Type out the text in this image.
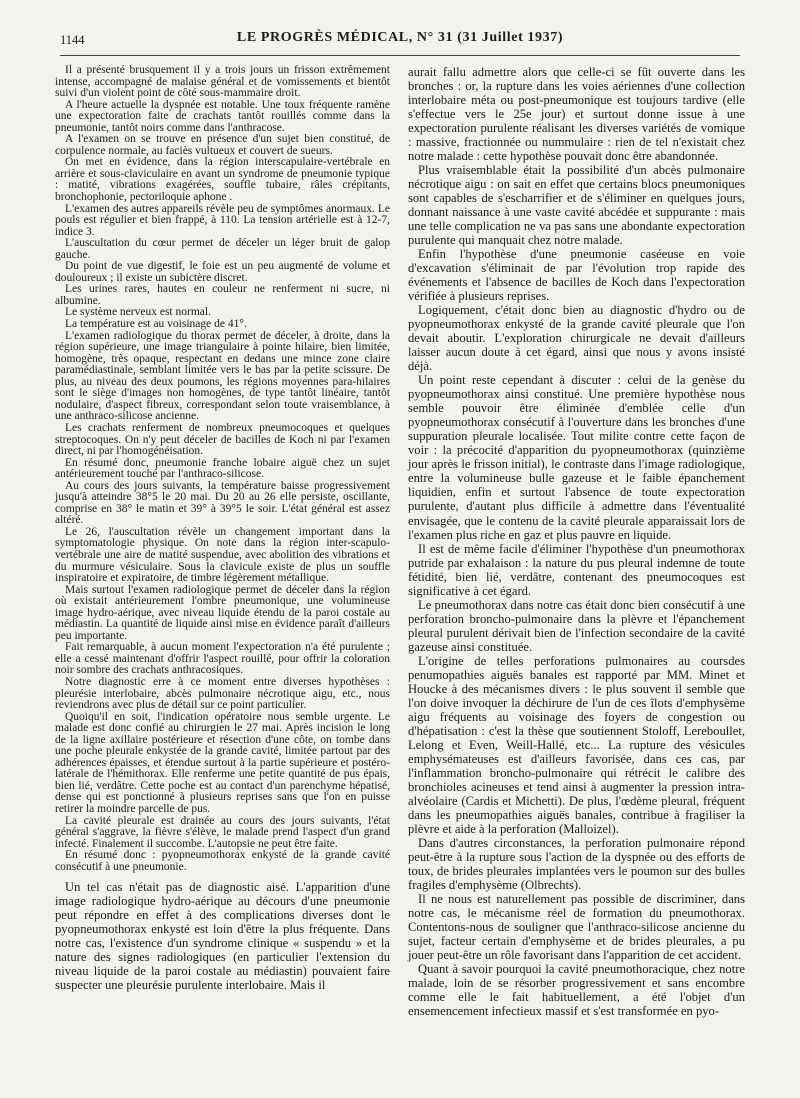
1144	LE PROGRÈS MÉDICAL, N° 31 (31 Juillet 1937)

Il a présenté brusquement il y a trois jours un frisson extrêmement intense, accompagné de malaise général et de vomissements et bientôt suivi d'un violent point de côté sous-mammaire droit.

A l'heure actuelle la dyspnée est notable. Une toux fréquente ramène une expectoration faite de crachats tantôt rouillés comme dans la pneumonie, tantôt noirs comme dans l'anthracose.

A l'examen on se trouve en présence d'un sujet bien constitué, de corpulence normale, au faciès vultueux et couvert de sueurs.

On met en évidence, dans la région interscapulaire-vertébrale en arrière et sous-claviculaire en avant un syndrome de pneumonie typique : matité, vibrations exagérées, souffle tubaire, râles crépitants, bronchophonie, pectoriloquie aphone .

L'examen des autres appareils révèle peu de symptômes anormaux. Le pouls est régulier et bien frappé, à 110. La tension artérielle est à 12-7, indice 3.

L'auscultation du cœur permet de déceler un léger bruit de galop gauche.

Du point de vue digestif, le foie est un peu augmenté de volume et douloureux ; il existe un subictère discret.

Les urines rares, hautes en couleur ne renferment ni sucre, ni albumine.

Le système nerveux est normal.

La température est au voisinage de 41°.

L'examen radiologique du thorax permet de déceler, à droite, dans la région supérieure, une image triangulaire à pointe hilaire, bien limitée, homogène, très opaque, respectant en dedans une mince zone claire paramédiastinale, semblant limitée vers le bas par la petite scissure. De plus, au niveau des deux poumons, les régions moyennes para-hilaires sont le siège d'images non homogènes, de type tantôt linéaire, tantôt nodulaire, d'aspect fibreux, correspondant selon toute vraisemblance, à une anthraco-silicose ancienne.

Les crachats renferment de nombreux pneumocoques et quelques streptocoques. On n'y peut déceler de bacilles de Koch ni par l'examen direct, ni par l'homogénéisation.

En résumé donc, pneumonie franche lobaire aiguë chez un sujet antérieurement touché par l'anthraco-silicose.

Au cours des jours suivants, la température baisse progressivement jusqu'à atteindre 38°5 le 20 mai. Du 20 au 26 elle persiste, oscillante, comprise en 38° le matin et 39° à 39°5 le soir. L'état général est assez altéré.

Le 26, l'auscultation révèle un changement important dans la symptomatologie physique. On note dans la région inter-scapulo-vertébrale une aire de matité suspendue, avec abolition des vibrations et du murmure vésiculaire. Sous la clavicule existe de plus un souffle inspiratoire et expiratoire, de timbre légèrement métallique.

Mais surtout l'examen radiologique permet de déceler dans la région où existait antérieurement l'ombre pneumonique, une volumineuse image hydro-aérique, avec niveau liquide étendu de la paroi costale au médiastin. La quantité de liquide ainsi mise en évidence paraît d'ailleurs peu importante.

Fait remarquable, à aucun moment l'expectoration n'a été purulente ; elle a cessé maintenant d'offrir l'aspect rouillé, pour offrir la coloration noir sombre des crachats anthracosiques.

Notre diagnostic erre à ce moment entre diverses hypothèses : pleurésie interlobaire, abcès pulmonaire nécrotique aigu, etc., nous reviendrons avec plus de détail sur ce point particulier.

Quoiqu'il en soit, l'indication opératoire nous semble urgente. Le malade est donc confié au chirurgien le 27 mai. Après incision le long de la ligne axillaire postérieure et résection d'une côte, on tombe dans une poche pleurale enkystée de la grande cavité, limitée partout par des adhérences épaisses, et étendue surtout à la partie supérieure et postéro-latérale de l'hémithorax. Elle renferme une petite quantité de pus épais, bien lié, verdâtre. Cette poche est au contact d'un parenchyme hépatisé, dense qui est ponctionné à plusieurs reprises sans que l'on en puisse retirer la moindre parcelle de pus.

La cavité pleurale est drainée au cours des jours suivants, l'état général s'aggrave, la fièvre s'élève, le malade prend l'aspect d'un grand infecté. Finalement il succombe. L'autopsie ne peut être faite.

En résumé donc : pyopneumothorax enkysté de la grande cavité consécutif à une pneumonie.

Un tel cas n'était pas de diagnostic aisé. L'apparition d'une image radiologique hydro-aérique au décours d'une pneumonie peut répondre en effet à des complications diverses dont le pyopneumothorax enkysté est loin d'être la plus fréquente. Dans notre cas, l'existence d'un syndrome clinique « suspendu » et la nature des signes radiologiques (en particulier l'extension du niveau liquide de la paroi costale au médiastin) pouvaient faire suspecter une pleurésie purulente interlobaire. Mais il

aurait fallu admettre alors que celle-ci se fût ouverte dans les bronches : or, la rupture dans les voies aériennes d'une collection interlobaire méta ou post-pneumonique est toujours tardive (elle s'effectue vers le 25e jour) et surtout donne issue à une expectoration purulente réalisant les diverses variétés de vomique : massive, fractionnée ou nummulaire : rien de tel n'existait chez notre malade : cette hypothèse pouvait donc être abandonnée.

Plus vraisemblable était la possibilité d'un abcès pulmonaire nécrotique aigu : on sait en effet que certains blocs pneumoniques sont capables de s'escharrifier et de s'éliminer en quelques jours, donnant naissance à une vaste cavité abcédée et suppurante : mais une telle complication ne va pas sans une abondante expectoration purulente qui manquait chez notre malade.

Enfin l'hypothèse d'une pneumonie caséeuse en voie d'excavation s'éliminait de par l'évolution trop rapide des événements et l'absence de bacilles de Koch dans l'expectoration vérifiée à plusieurs reprises.

Logiquement, c'était donc bien au diagnostic d'hydro ou de pyopneumothorax enkysté de la grande cavité pleurale que l'on devait aboutir. L'exploration chirurgicale ne devait d'ailleurs laisser aucun doute à cet égard, ainsi que nous y avons insisté déjà.

Un point reste cependant à discuter : celui de la genèse du pyopneumothorax ainsi constitué. Une première hypothèse nous semble pouvoir être éliminée d'emblée celle d'un pyopneumothorax consécutif à l'ouverture dans les bronches d'une suppuration pleurale localisée. Tout milite contre cette façon de voir : la précocité d'apparition du pyopneumothorax (quinzième jour après le frisson initial), le contraste dans l'image radiologique, entre la volumineuse bulle gazeuse et le faible épanchement liquidien, enfin et surtout l'absence de toute expectoration purulente, d'autant plus difficile à admettre dans l'éventualité envisagée, que le contenu de la cavité pleurale apparaissait lors de l'examen plus riche en gaz et plus pauvre en liquide.

Il est de même facile d'éliminer l'hypothèse d'un pneumothorax putride par exhalaison : la nature du pus pleural indemne de toute fétidité, bien lié, verdâtre, contenant des pneumocoques est significative à cet égard.

Le pneumothorax dans notre cas était donc bien consécutif à une perforation broncho-pulmonaire dans la plèvre et l'épanchement pleural purulent dérivait bien de l'infection secondaire de la cavité gazeuse ainsi constituée.

L'origine de telles perforations pulmonaires au coursdes penumopathies aiguës banales est rapporté par MM. Minet et Houcke à des mécanismes divers : le plus souvent il semble que l'on doive invoquer la déchirure de l'un de ces îlots d'emphysème aigu fréquents au voisinage des foyers de congestion ou d'hépatisation : c'est la thèse que soutiennent Stoloff, Lereboullet, Lelong et Even, Weill-Hallé, etc... La rupture des vésicules emphysémateuses est d'ailleurs favorisée, dans ces cas, par l'inflammation broncho-pulmonaire qui rétrécit le calibre des bronchioles acineuses et tend ainsi à augmenter la pression intra-alvéolaire (Cardis et Michetti). De plus, l'œdème pleural, fréquent dans les pneumopathies aiguës banales, contribue à fragiliser la plèvre et aide à la perforation (Malloizel).

Dans d'autres circonstances, la perforation pulmonaire répond peut-être à la rupture sous l'action de la dyspnée ou des efforts de toux, de brides pleurales implantées vers le poumon sur des bulles fragiles d'emphysème (Olbrechts).

Il ne nous est naturellement pas possible de discriminer, dans notre cas, le mécanisme réel de formation du pneumothorax. Contentons-nous de souligner que l'anthraco-silicose ancienne du sujet, facteur certain d'emphysème et de brides pleurales, a pu jouer peut-être un rôle favorisant dans l'apparition de cet accident.

Quant à savoir pourquoi la cavité pneumothoracique, chez notre malade, loin de se résorber progressivement et sans encombre comme elle le fait habituellement, a été l'objet d'un ensemencement infectieux massif et s'est transformée en pyo-
